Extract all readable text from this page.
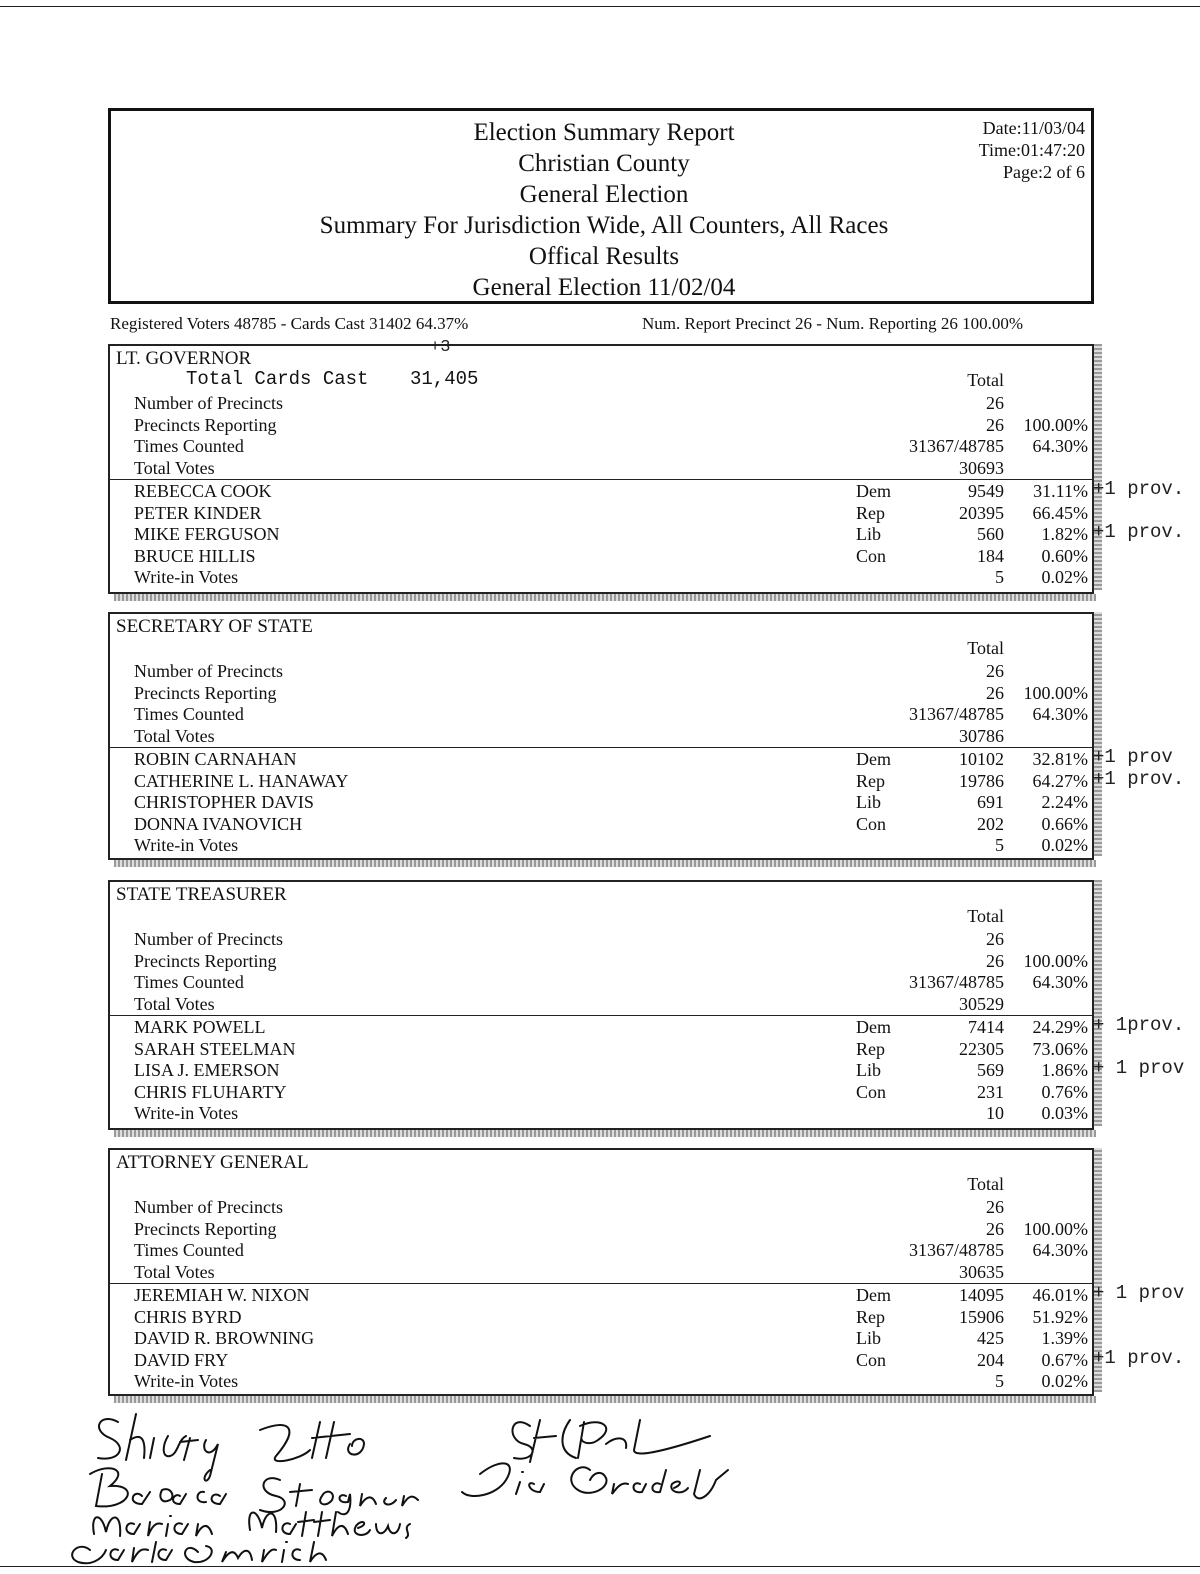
Election Summary Report
Christian County
General Election
Summary For Jurisdiction Wide, All Counters, All Races
Offical Results
General Election 11/02/04
Date:11/03/04
Time:01:47:20
Page:2 of 6
Registered Voters 48785 - Cards Cast 31402 64.37%	Num. Report Precinct 26 - Num. Reporting 26 100.00%
LT. GOVERNOR
Total
Number of Precincts	26
Precincts Reporting	26 100.00%
Times Counted	31367/48785 64.30%
Total Votes	30693
REBECCA COOK	Dem	9549 31.11%
PETER KINDER	Rep	20395 66.45%
MIKE FERGUSON	Lib	560 1.82%
BRUCE HILLIS	Con	184 0.60%
Write-in Votes	5 0.02%
SECRETARY OF STATE
Total
Number of Precincts	26
Precincts Reporting	26 100.00%
Times Counted	31367/48785 64.30%
Total Votes	30786
ROBIN CARNAHAN	Dem	10102 32.81%
CATHERINE L. HANAWAY	Rep	19786 64.27%
CHRISTOPHER DAVIS	Lib	691 2.24%
DONNA IVANOVICH	Con	202 0.66%
Write-in Votes	5 0.02%
STATE TREASURER
Total
Number of Precincts	26
Precincts Reporting	26 100.00%
Times Counted	31367/48785 64.30%
Total Votes	30529
MARK POWELL	Dem	7414 24.29%
SARAH STEELMAN	Rep	22305 73.06%
LISA J. EMERSON	Lib	569 1.86%
CHRIS FLUHARTY	Con	231 0.76%
Write-in Votes	10 0.03%
ATTORNEY GENERAL
Total
Number of Precincts	26
Precincts Reporting	26 100.00%
Times Counted	31367/48785 64.30%
Total Votes	30635
JEREMIAH W. NIXON	Dem	14095 46.01%
CHRIS BYRD	Rep	15906 51.92%
DAVID R. BROWNING	Lib	425 1.39%
DAVID FRY	Con	204 0.67%
Write-in Votes	5 0.02%
+3
Total Cards Cast 31,405
+1 prov.
+1 prov.
+1 prov
+1 prov.
+ 1prov.
+ 1 prov
+ 1 prov
+1 prov.
